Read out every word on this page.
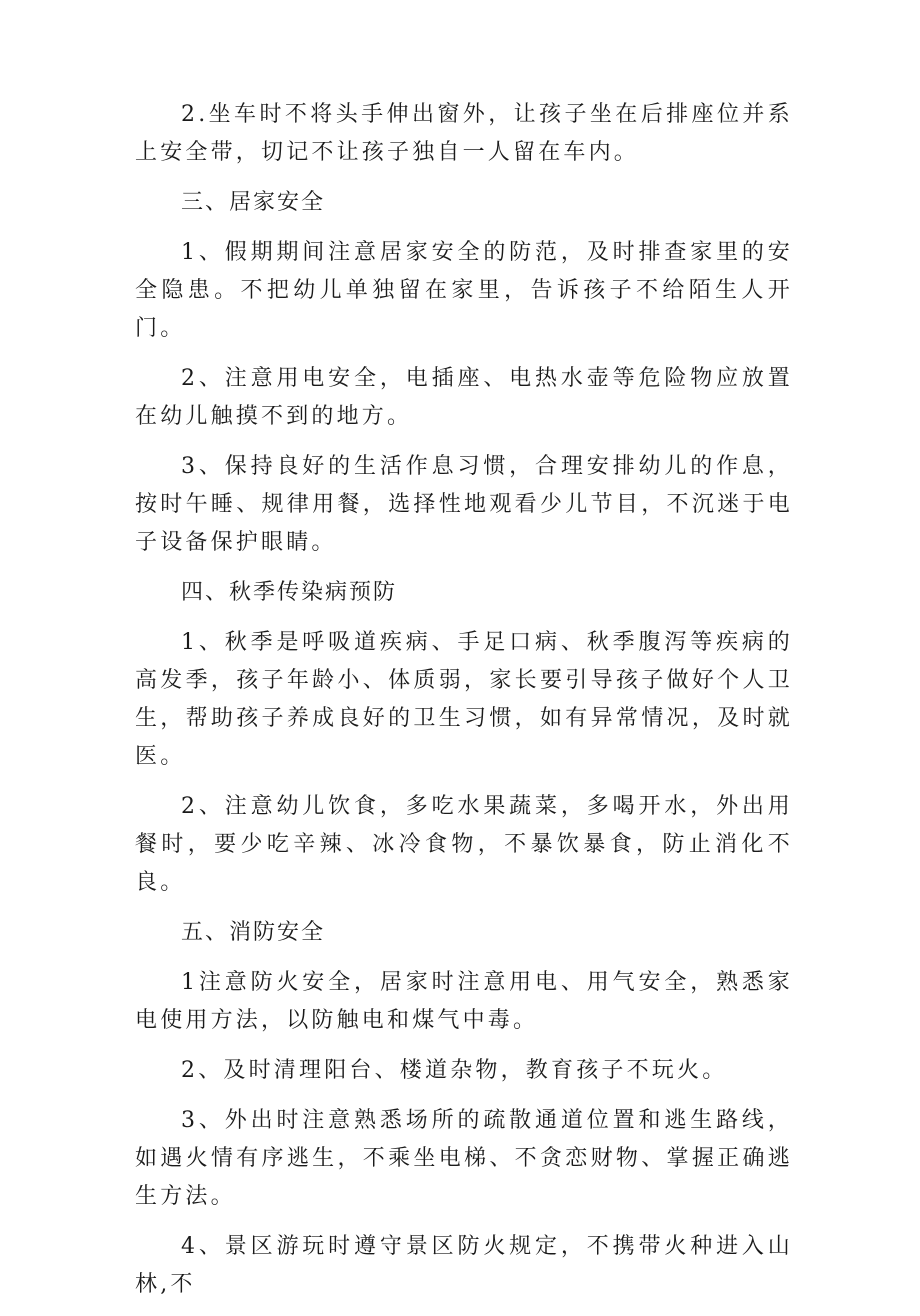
2.坐车时不将头手伸出窗外，让孩子坐在后排座位并系上安全带，切记不让孩子独自一人留在车内。

三、居家安全

1、假期期间注意居家安全的防范，及时排查家里的安全隐患。不把幼儿单独留在家里，告诉孩子不给陌生人开门。

2、注意用电安全，电插座、电热水壶等危险物应放置在幼儿触摸不到的地方。

3、保持良好的生活作息习惯，合理安排幼儿的作息，按时午睡、规律用餐，选择性地观看少儿节目，不沉迷于电子设备保护眼睛。

四、秋季传染病预防

1、秋季是呼吸道疾病、手足口病、秋季腹泻等疾病的高发季，孩子年龄小、体质弱，家长要引导孩子做好个人卫生，帮助孩子养成良好的卫生习惯，如有异常情况，及时就医。

2、注意幼儿饮食，多吃水果蔬菜，多喝开水，外出用餐时，要少吃辛辣、冰冷食物，不暴饮暴食，防止消化不良。

五、消防安全

1注意防火安全，居家时注意用电、用气安全，熟悉家电使用方法，以防触电和煤气中毒。

2、及时清理阳台、楼道杂物，教育孩子不玩火。

3、外出时注意熟悉场所的疏散通道位置和逃生路线，如遇火情有序逃生，不乘坐电梯、不贪恋财物、掌握正确逃生方法。

4、景区游玩时遵守景区防火规定，不携带火种进入山林,不
